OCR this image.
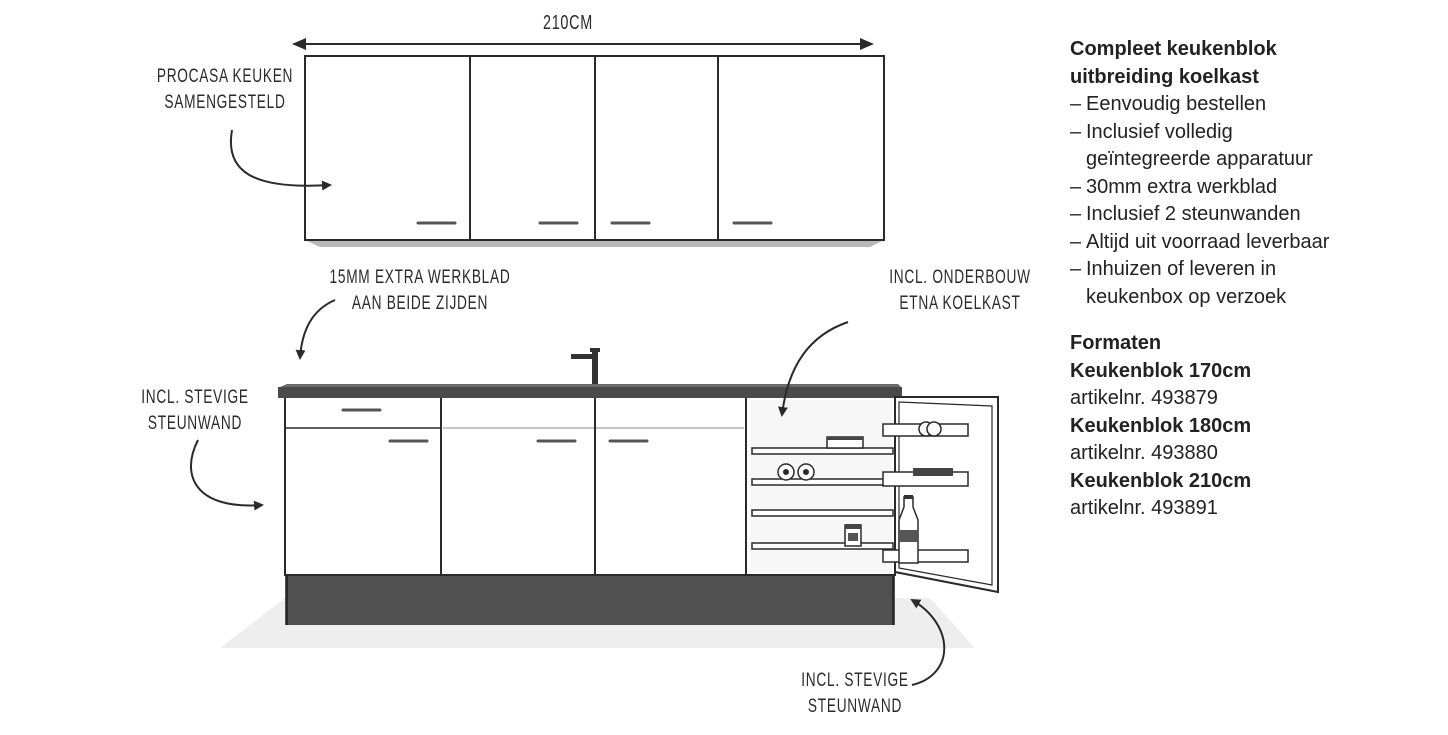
210CM
PROCASA KEUKEN
SAMENGESTELD
15MM EXTRA WERKBLAD
AAN BEIDE ZIJDEN
INCL. ONDERBOUW
ETNA KOELKAST
INCL. STEVIGE
STEUNWAND
INCL. STEVIGE
STEUNWAND
Compleet keukenblok
uitbreiding koelkast
– Eenvoudig bestellen
– Inclusief volledig
geïntegreerde apparatuur
– 30mm extra werkblad
– Inclusief 2 steunwanden
– Altijd uit voorraad leverbaar
– Inhuizen of leveren in
keukenbox op verzoek
Formaten
Keukenblok 170cm
artikelnr. 493879
Keukenblok 180cm
artikelnr. 493880
Keukenblok 210cm
artikelnr. 493891
